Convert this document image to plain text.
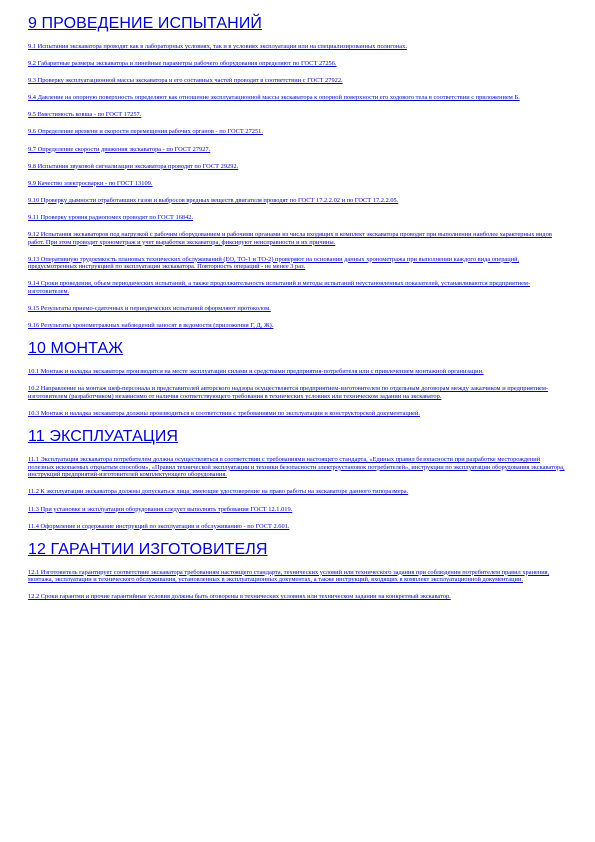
9 ПРОВЕДЕНИЕ ИСПЫТАНИЙ

9.1 Испытания экскаватора проводят как в лабораторных условиях, так и в условиях эксплуатации или на специализированных полигонах.

9.2 Габаритные размеры экскаватора и линейные параметры рабочего оборудования определяют по ГОСТ 27256.

9.3 Проверку эксплуатационной массы экскаватора и его составных частей проводят в соответствии с ГОСТ 27922.

9.4 Давление на опорную поверхность определяют как отношение эксплуатационной массы экскаватора к опорной поверхности его ходового тела в соответствии с приложением Б.

9.5 Вместимость ковша - по ГОСТ 17257.

9.6 Определение времени и скорости перемещения рабочих органов - по ГОСТ 27251.

9.7 Определение скорости движения экскаватора - по ГОСТ 27927.

9.8 Испытания звуковой сигнализации экскаватора проводят по ГОСТ 29292.

9.9 Качество электросварки - по ГОСТ 13109.

9.10 Проверку дымности отработавших газов и выбросов вредных веществ двигателя проводят по ГОСТ 17.2.2.02 и по ГОСТ 17.2.2.05.

9.11 Проверку уровня радиопомех проводят по ГОСТ 16842.

9.12 Испытания экскаваторов под нагрузкой с рабочим оборудованием и рабочими органами из числа входящих в комплект экскаватора проводят при выполнении наиболее характерных видов работ. При этом проводят хронометраж и учет выработки экскаватора, фиксируют неисправности и их причины.

9.13 Оперативную трудоемкость плановых технических обслуживаний (ЕО, ТО-1 и ТО-2) проверяют на основании данных хронометража при выполнении каждого вида операций, предусмотренных инструкцией по эксплуатации экскаватора. Повторность операций - не менее 3 раз.

9.14 Сроки проведения, объем периодических испытаний, а также продолжительность испытаний и методы испытаний неустановленных показателей, устанавливаются предприятием-изготовителем.

9.15 Результаты приемо-сдаточных и периодических испытаний оформляют протоколом.

9.16 Результаты хронометражных наблюдений заносят в ведомости (приложения Г, Д, Ж).

10 МОНТАЖ

10.1 Монтаж и наладка экскаватора производятся на месте эксплуатации силами и средствами предприятия-потребителя или с привлечением монтажной организации.

10.2 Направление на монтаж шеф-персонала и представителей авторского надзора осуществляется предприятием-изготовителем по отдельным договорам между заказчиком и предприятием-изготовителем (разработчиком) независимо от наличия соответствующего требования в технических условиях или техническом задании на экскаватор.

10.3 Монтаж и наладка экскаватора должны производиться в соответствии с требованиями по эксплуатации и конструкторской документацией.

11 ЭКСПЛУАТАЦИЯ

11.1 Эксплуатация экскаватора потребителем должна осуществляться в соответствии с требованиями настоящего стандарта, «Единых правил безопасности при разработке месторождений полезных ископаемых открытым способом», «Правил технической эксплуатации и техники безопасности электроустановок потребителей», инструкции по эксплуатации оборудования экскаватора, инструкций предприятий-изготовителей комплектующего оборудования.

11.2 К эксплуатации экскаватора должны допускаться лица, имеющие удостоверение на право работы на экскаваторе данного типоразмера.

11.3 При установке и эксплуатации оборудования следует выполнять требования ГОСТ 12.1.019.

11.4 Оформление и содержание инструкций по эксплуатации и обслуживанию - по ГОСТ 2.601.

12 ГАРАНТИИ ИЗГОТОВИТЕЛЯ

12.1 Изготовитель гарантирует соответствие экскаватора требованиям настоящего стандарта, технических условий или технического задания при соблюдении потребителем правил хранения, монтажа, эксплуатации и технического обслуживания, установленных в эксплуатационных документах, а также инструкций, входящих в комплект эксплуатационной документации.

12.2 Сроки гарантии и прочие гарантийные условия должны быть оговорены в технических условиях или техническом задании на конкретный экскаватор.
